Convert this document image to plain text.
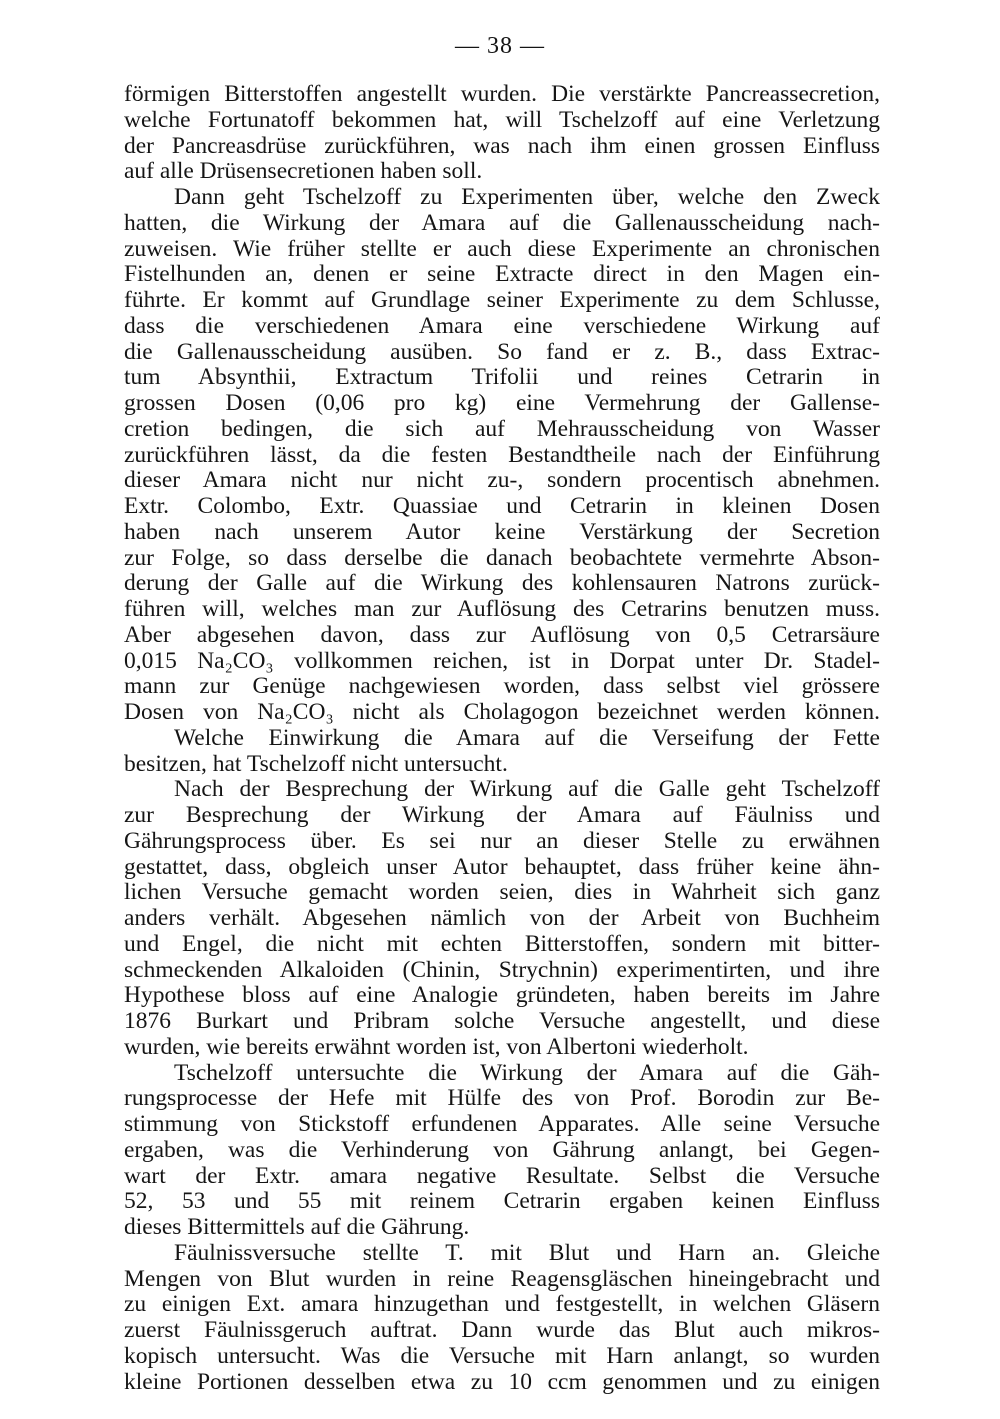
— 38 —
förmigen Bitterstoffen angestellt wurden. Die verstärkte Pancreassecretion,
welche Fortunatoff bekommen hat, will Tschelzoff auf eine Verletzung
der Pancreasdrüse zurückführen, was nach ihm einen grossen Einfluss
auf alle Drüsensecretionen haben soll.
Dann geht Tschelzoff zu Experimenten über, welche den Zweck
hatten, die Wirkung der Amara auf die Gallenausscheidung nach-
zuweisen. Wie früher stellte er auch diese Experimente an chronischen
Fistelhunden an, denen er seine Extracte direct in den Magen ein-
führte. Er kommt auf Grundlage seiner Experimente zu dem Schlusse,
dass die verschiedenen Amara eine verschiedene Wirkung auf
die Gallenausscheidung ausüben. So fand er z. B., dass Extrac-
tum Absynthii, Extractum Trifolii und reines Cetrarin in
grossen Dosen (0,06 pro kg) eine Vermehrung der Gallense-
cretion bedingen, die sich auf Mehrausscheidung von Wasser
zurückführen lässt, da die festen Bestandtheile nach der Einführung
dieser Amara nicht nur nicht zu-, sondern procentisch abnehmen.
Extr. Colombo, Extr. Quassiae und Cetrarin in kleinen Dosen
haben nach unserem Autor keine Verstärkung der Secretion
zur Folge, so dass derselbe die danach beobachtete vermehrte Abson-
derung der Galle auf die Wirkung des kohlensauren Natrons zurück-
führen will, welches man zur Auflösung des Cetrarins benutzen muss.
Aber abgesehen davon, dass zur Auflösung von 0,5 Cetrarsäure
0,015 Na₂CO₃ vollkommen reichen, ist in Dorpat unter Dr. Stadel-
mann zur Genüge nachgewiesen worden, dass selbst viel grössere
Dosen von Na₂CO₃ nicht als Cholagogon bezeichnet werden können.
Welche Einwirkung die Amara auf die Verseifung der Fette
besitzen, hat Tschelzoff nicht untersucht.
Nach der Besprechung der Wirkung auf die Galle geht Tschelzoff
zur Besprechung der Wirkung der Amara auf Fäulniss und
Gährungsprocess über. Es sei nur an dieser Stelle zu erwähnen
gestattet, dass, obgleich unser Autor behauptet, dass früher keine ähn-
lichen Versuche gemacht worden seien, dies in Wahrheit sich ganz
anders verhält. Abgesehen nämlich von der Arbeit von Buchheim
und Engel, die nicht mit echten Bitterstoffen, sondern mit bitter-
schmeckenden Alkaloiden (Chinin, Strychnin) experimentirten, und ihre
Hypothese bloss auf eine Analogie gründeten, haben bereits im Jahre
1876 Burkart und Pribram solche Versuche angestellt, und diese
wurden, wie bereits erwähnt worden ist, von Albertoni wiederholt.
Tschelzoff untersuchte die Wirkung der Amara auf die Gäh-
rungsprocesse der Hefe mit Hülfe des von Prof. Borodin zur Be-
stimmung von Stickstoff erfundenen Apparates. Alle seine Versuche
ergaben, was die Verhinderung von Gährung anlangt, bei Gegen-
wart der Extr. amara negative Resultate. Selbst die Versuche
52, 53 und 55 mit reinem Cetrarin ergaben keinen Einfluss
dieses Bittermittels auf die Gährung.
Fäulnissversuche stellte T. mit Blut und Harn an. Gleiche
Mengen von Blut wurden in reine Reagensgläschen hineingebracht und
zu einigen Ext. amara hinzugethan und festgestellt, in welchen Gläsern
zuerst Fäulnissgeruch auftrat. Dann wurde das Blut auch mikros-
kopisch untersucht. Was die Versuche mit Harn anlangt, so wurden
kleine Portionen desselben etwa zu 10 ccm genommen und zu einigen
